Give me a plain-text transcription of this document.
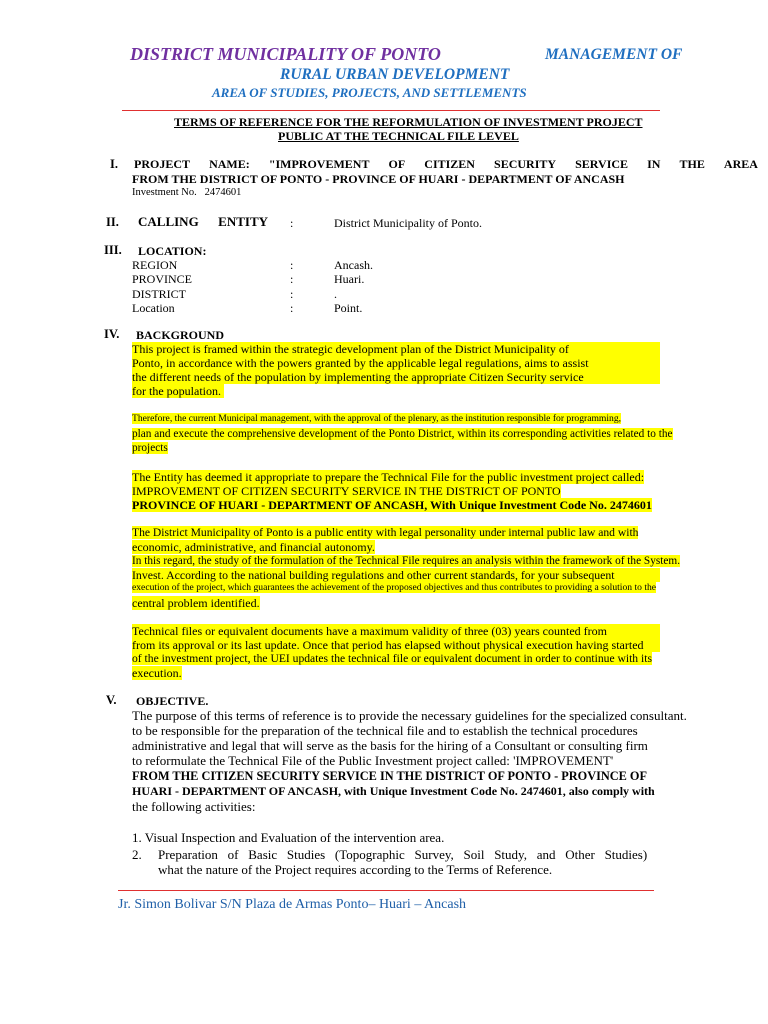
DISTRICT MUNICIPALITY OF PONTO	MANAGEMENT OF
RURAL URBAN DEVELOPMENT
AREA OF STUDIES, PROJECTS, AND SETTLEMENTS
TERMS OF REFERENCE FOR THE REFORMULATION OF INVESTMENT PROJECT
PUBLIC AT THE TECHNICAL FILE LEVEL
I. PROJECT NAME: "IMPROVEMENT OF CITIZEN SECURITY SERVICE IN THE AREA
FROM THE DISTRICT OF PONTO - PROVINCE OF HUARI - DEPARTMENT OF ANCASH
Investment No. 2474601
II. CALLING      ENTITY :	District Municipality of Ponto.
III. LOCATION:
REGION	:	Ancash.
PROVINCE	:	Huari.
DISTRICT	:	.
Location	:	Point.
IV. BACKGROUND
This project is framed within the strategic development plan of the District Municipality of
Ponto, in accordance with the powers granted by the applicable legal regulations, aims to assist
the different needs of the population by implementing the appropriate Citizen Security service
for the population.
Therefore, the current Municipal management, with the approval of the plenary, as the institution responsible for programming,
plan and execute the comprehensive development of the Ponto District, within its corresponding activities related to the
projects
The Entity has deemed it appropriate to prepare the Technical File for the public investment project called:
IMPROVEMENT OF CITIZEN SECURITY SERVICE IN THE DISTRICT OF PONTO
PROVINCE OF HUARI - DEPARTMENT OF ANCASH, With Unique Investment Code No. 2474601
The District Municipality of Ponto is a public entity with legal personality under internal public law and with
economic, administrative, and financial autonomy.
In this regard, the study of the formulation of the Technical File requires an analysis within the framework of the System.
Invest. According to the national building regulations and other current standards, for your subsequent
execution of the project, which guarantees the achievement of the proposed objectives and thus contributes to providing a solution to the
central problem identified.
Technical files or equivalent documents have a maximum validity of three (03) years counted from
from its approval or its last update. Once that period has elapsed without physical execution having started
of the investment project, the UEI updates the technical file or equivalent document in order to continue with its
execution.
V. OBJECTIVE.
The purpose of this terms of reference is to provide the necessary guidelines for the specialized consultant.
to be responsible for the preparation of the technical file and to establish the technical procedures
administrative and legal that will serve as the basis for the hiring of a Consultant or consulting firm
to reformulate the Technical File of the Public Investment project called: 'IMPROVEMENT'
FROM THE CITIZEN SECURITY SERVICE IN THE DISTRICT OF PONTO - PROVINCE OF
HUARI - DEPARTMENT OF ANCASH, with Unique Investment Code No. 2474601, also comply with
the following activities:
1. Visual Inspection and Evaluation of the intervention area.
2. Preparation   of   Basic   Studies   (Topographic   Survey,   Soil   Study,   and   Other   Studies)
what the nature of the Project requires according to the Terms of Reference.
Jr. Simon Bolivar S/N Plaza de Armas Ponto– Huari – Ancash
